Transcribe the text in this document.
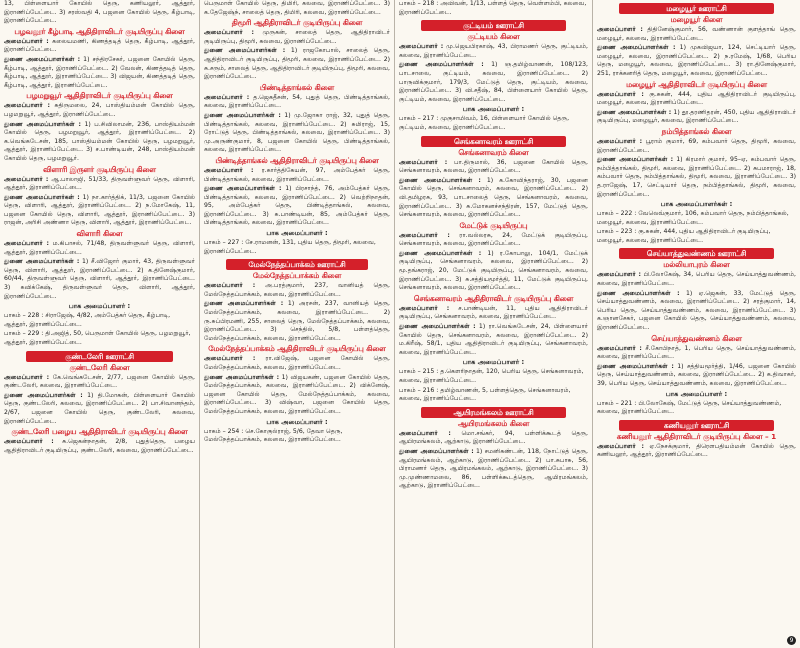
13, பிள்ளையார் கோயில் தெரு, கணியலூர், ஆத்தூர், இராணிப்பேட்டை. 3) சரஸ்வதி 4, பஜனை கோயில் தெரு, கீழ்பாடி, இராணிப்பேட்டை.
பழவலூர் கீழ்பாடி ஆதிதிராவிடர் குடியிருப்பு கிளை
அமைப்பாளர் : கலையமணி, கிணத்தடித் தெரு, கீழ்பாடி, ஆத்தூர், இராணிப்பேட்டை.
துணை அமைப்பாளர்கள் : 1) சந்திரசேகர், பஜனை கோயில் தெரு, கீழ்பாடி, ஆத்தூர், இராணிப்பேட்டை. 2) வேலன், கிணத்தடித் தெரு, கீழ்பாடி, ஆத்தூர், இராணிப்பேட்டை. 3) விஜயன், கிணத்தடித் தெரு, கீழ்பாடி, ஆத்தூர், இராணிப்பேட்டை.
பழமறுவூர் ஆதிதிராவிடர் குடியிருப்பு கிளை
அமைப்பாளர் : சுதிருமலை, 24, பாஸ்தியம்மன் கோயில் தெரு, பழமறுவூர், ஆத்தூர், இராணிப்பேட்டை.
துணை அமைப்பாளர்கள் : 1) ப.சிவிலாமன், 236, பாஸ்தியம்மன் கோயில் தெரு, பழமறுவூர், ஆத்தூர், இராணிப்பேட்டை. 2) க.வெங்கடேசன், 185, பாஸ்தியம்மன் கோயில் தெரு, பழமறுவூர், ஆத்தூர், இராணிப்பேட்டை. 3) ச.பாண்டியன், 248, பாஸ்தியம்மன் கோயில் தெரு, பழமறுவூர்.
விளாரி இருளர் குடியிருப்பு கிளை
அமைப்பாளர் : ஆ.பாலாஜி, 51/33, திருவள்ளுவர் தெரு, விளாரி, ஆத்தூர், இராணிப்பேட்டை.
துணை அமைப்பாளர்கள் : 1) நா.கார்த்திக், 11/3, பஜனை கோயில் தெரு, விளாரி, ஆத்தூர், இராணிப்பேட்டை. 2) ந.மோகேஷ், 11, பஜனை கோயில் தெரு, விளாரி, ஆத்தூர், இராணிப்பேட்டை. 3) ராஜன், அரிசி அண்ணா தெரு, விளாரி, ஆத்தூர், இராணிப்பேட்டை.
விளாரி கிளை
அமைப்பாளர் : ம.கிபாசல், 71/48, திருவள்ளுவர் தெரு, விளாரி, ஆத்தூர், இராணிப்பேட்டை.
துணை அமைப்பாளர்கள் : 1) சீ.விஜோர் குமார், 43, திருவள்ளுவர் தெரு, விளாரி, ஆத்தூர், இராணிப்பேட்டை. 2) க.தினேஷ்குமார், 60/44, திருவள்ளுவர் தெரு, விளாரி, ஆத்தூர், இராணிப்பேட்டை. 3) கவிக்கேஷ், திருவள்ளுவர் தெரு, விளாரி, ஆத்தூர், இராணிப்பேட்டை.
பாக அமைப்பாளர் :
பாகம் – 228 : சிராஜேஷ், 4/82, அம்பேத்கர் தெரு, கீழ்பாடி, ஆத்தூர், இராணிப்பேட்டை.
பாகம் – 229 : தி.அஜித், 50, பெருமாள் கோயில் தெரு, பழமறுவூர், ஆத்தூர், இராணிப்பேட்டை.
குண்டலேரி ஊராட்சி
குண்டலேரி கிளை
அமைப்பாளர் : கே.வெங்கடேசன், 2/77, பஜனை கோயில் தெரு, குண்டலேரி, கலவை, இராணிப்பேட்டை.
துணை அமைப்பாளர்கள் : 1) தி.மோகன், பிள்ளையார் கோயில் தெரு, குண்டலேரி, கலவை, இராணிப்பேட்டை. 2) பா.சிவானந்தம், 2/67, பஜனை கோயில் தெரு, குண்டலேரி, கலவை, இராணிப்பேட்டை.
குண்டலேரி பழைய ஆதிதிராவிடர் குடியிருப்பு கிளை
அமைப்பாளர் : சு.ஜெகன்நாதன், 2/8, புதுத்தெரு, பழைய ஆதிதிராவிடர் குடியிருப்பு, குண்டலேரி, கலவை, இராணிப்பேட்டை.
பெருமாள் கோயில் தெரு, திமிரி, கலவை, இராணிப்பேட்டை. 3) க.தேஜேஷ்ந், சாலைத் தெரு, திமிரி, கலவை, இராணிப்பேட்டை.
திமூரி ஆதிதிராவிடர் குடியிருப்பு கிளை
அமைப்பாளர் : முருகன், சாலைத் தெரு, ஆதிதிராவிடர் குடியிருப்பு, திமூரி, கலவை, இராணிப்பேட்டை.
துணை அமைப்பாளர்கள் : 1) ராஜகோபால், சாலைத் தெரு, ஆதிதிராவிடர் குடியிருப்பு, திமூரி, கலவை, இராணிப்பேட்டை. 2) சு.சரும், சாலைத் தெரு, ஆதிதிராவிடர் குடியிருப்பு, திமூரி, கலவை, இராணிப்பேட்டை.
பிண்டித்தாங்கல் கிளை
அமைப்பாளர் : த.ஜெகதீசன், 54, புதுத் தெரு, பிண்டித்தாங்கல், கலவை, இராணிப்பேட்டை.
துணை அமைப்பாளர்கள் : 1) மு.ஜோகா ராஜ், 32, புதுத் தெரு, பிண்டித்தாங்கல், கலவை, இராணிப்பேட்டை. 2) சுமிராஜ், 15, ரோட்டுத் தெரு, பிண்டித்தாங்கல், கலவை, இராணிப்பேட்டை. 3) மு.அருண்குமார், 8, பஜனை கோயில் தெரு, பிண்டித்தாங்கல், கலவை, இராணிப்பேட்டை.
பிண்டித்தாங்கல் ஆதிதிராவிடர் குடியிருப்பு கிளை
அமைப்பாளர் : ர.கார்த்திகேயன், 97, அம்பேத்கர் தெரு, பிண்டித்தாங்கல், கலவை, இராணிப்பேட்டை.
துணை அமைப்பாளர்கள் : 1) பிரசாந்த், 76, அம்பேத்கர் தெரு, பிண்டித்தாங்கல், கலவை, இராணிப்பேட்டை. 2) வெற்றிநாதன், 95, அம்பேத்கர் தெரு, பிண்டித்தாங்கல், கலவை, இராணிப்பேட்டை. 3) க.பாண்டியன், 85, அம்பேத்கர் தெரு, பிண்டித்தாங்கல், கலவை, இராணிப்பேட்டை.
பாக அமைப்பாளர் :
பாகம் – 227 : சே.ராமனன், 131, புதிய தெரு, திமூரி, கலவை, இராணிப்பேட்டை.
மேல்நேத்தப்பாக்கம் ஊராட்சி
மேல்நேத்தப்பாக்கம் கிளை
அமைப்பாளர் : அ.பரத்குமார், 237, வானியத் தெரு, மேல்நேத்தப்பாக்கம், கலவை, இராணிப்பேட்டை.
துணை அமைப்பாளர்கள் : 1) அரசன், 237, வானியத் தெரு, மேல்நேத்தப்பாக்கம், கலவை, இராணிப்பேட்டை. 2) ரு.சுப்பிரமணி, 255, சாலைத் தெரு, மேல்நேத்தப்பாக்கம், கலவை, இராணிப்பேட்டை. 3) செந்தில், 5/8, பள்ளத்தெரு, மேல்நேத்தப்பாக்கம், கலவை, இராணிப்பேட்டை.
மேல்நேத்தப்பாக்கம் ஆதிதிராவிடர் குடியிருப்பு கிளை
அமைப்பாளர் : ரா.விஜேஷ், பஜனை கோயில் தெரு, மேல்நேத்தப்பாக்கம், கலவை, இராணிப்பேட்டை.
துணை அமைப்பாளர்கள் : 1) விஜயகண், பஜனை கோயில் தெரு, மேல்நேத்தப்பாக்கம், கலவை, இராணிப்பேட்டை. 2) விக்னேஷ், பஜனை கோயில் தெரு, மேல்நேத்தப்பாக்கம், கலவை, இராணிப்பேட்டை. 3) விஷ்வா, பஜனை கோயில் தெரு, மேல்நேத்தப்பாக்கம், கலவை, இராணிப்பேட்டை.
பாக அமைப்பாளர் :
பாகம் – 254 : செ.கோகுல்ராஜ், 5/6, தேவா தெரு, மேல்நேத்தப்பாக்கம், கலவை, இராணிப்பேட்டை.
பாகம் – 218 : அவிவன், 1/13, பள்ளத் தெரு, வெள்ளம்பி, கலவை, இராணிப்பேட்டை.
குட்டியம் ஊராட்சி
குட்டியம் கிளை
அமைப்பாளர் : மு.ஜெயபிரகாஷ், 43, பிராமணர் தெரு, குட்டியம், கலவை, இராணிப்பேட்டை.
துணை அமைப்பாளர்கள் : 1) ஞ.தமிழ்வாணன், 108/123, பாடசாலை, குட்டியம், கலவை, இராணிப்பேட்டை. 2) பாருவிக்குமார், 179/3, மேட்டுத் தெரு, குட்டியம், கலவை, இராணிப்பேட்டை. 3) வி.சதீஷ், 84, பிள்ளையார் கோயில் தெரு, குட்டியம், கலவை, இராணிப்பேட்டை.
பாக அமைப்பாளர் :
பாகம் – 217 : முகுசாமிவம், 16, பிள்ளையார் கோயில் தெரு, குட்டியம், கலவை, இராணிப்பேட்டை.
செங்கனாவரம் ஊராட்சி
செங்கனாவரம் கிளை
அமைப்பாளர் : பா.திருமால், 36, பஜனை கோயில் தெரு, செங்கனாவரம், கலவை, இராணிப்பேட்டை.
துணை அமைப்பாளர்கள் : 1) க.கோவிந்தராஜ், 30, பஜனை கோயில் தெரு, செங்கனாவரம், கலவை, இராணிப்பேட்டை. 2) வி.தமிழரசு, 93, பாடசாலைத் தெரு, செங்கனாவரம், கலவை, இராணிப்பேட்டை. 3) சு.மோகனச்சந்திரன், 157, மேட்டுத் தெரு, செங்கனாவரம், கலவை, இராணிப்பேட்டை.
மேட்டுக் குடியிருப்பு
அமைப்பாளர் : ரா.வல்லரசு, 24, மேட்டுக் குடியிருப்பு, செங்கனாவரம், கலவை, இராணிப்பேட்டை.
துணை அமைப்பாளர்கள் : 1) ர.கோபாலு, 104/1, மேட்டுக் குடியிருப்பு, செங்கனாவரம், கலவை, இராணிப்பேட்டை. 2) மூ.தங்கராஜ், 20, மேட்டுக் குடியிருப்பு, செங்கனாவரம், கலவை, இராணிப்பேட்டை. 3) சு.சத்தியமூர்த்தி, 11, மேட்டுக் குடியிருப்பு, செங்கனாவரம், கலவை, இராணிப்பேட்டை.
செங்கனாவரம் ஆதிதிராவிடர் குடியிருப்பு கிளை
அமைப்பாளர் : ச.பாண்டியன், 11, புதிய ஆதிதிராவிடர் குடியிருப்பு, செங்கனாவரம், கலவை, இராணிப்பேட்டை.
துணை அமைப்பாளர்கள் : 1) ரா.வெங்கடேசன், 24, பிள்ளையார் கோயில் தெரு, செங்கனாவரம், கலவை, இராணிப்பேட்டை. 2) ம.கிரீஷ், 58/1, புதிய ஆதிதிராவிடர் குடியிருப்பு, செங்கனாவரம், கலவை, இராணிப்பேட்டை.
பாக அமைப்பாளர் :
பாகம் – 215 : த.கௌரிநாதன், 120, பெரிய தெரு, செங்கனாவரம், கலவை, இராணிப்பேட்டை.
பாகம் – 216 : தமிழ்வாணன், 5, பள்ளத்தெரு, செங்கனாவரம், கலவை, இராணிப்பேட்டை.
ஆயிரமங்கலம் ஊராட்சி
ஆயிரமங்கலம் கிளை
அமைப்பாளர் : மொ.சங்கர், 94, பள்ளிக்கூடத் தெரு, ஆயிரமங்கலம், ஆற்காடு, இராணிப்பேட்டை.
துணை அமைப்பாளர்கள் : 1) சமனிகண்டன், 118, நோட்டுத் தெரு, ஆயிரமங்கலம், ஆற்காடு, இராணிப்பேட்டை. 2) பா.சுபாசு, 56, பிராமணர் தெரு, ஆயிரமங்கலம், ஆற்காடு, இராணிப்பேட்டை. 3) மு.முண்ணாமலை, 86, பள்ளிக்கூடத்தெரு, ஆயிரமங்கலம், ஆற்காடு, இராணிப்பேட்டை.
மழையூர் ஊராட்சி
மழையூர் கிளை
அமைப்பாளர் : திதினேஷ்குமார், 56, வண்ணான் குளத்தாங் தெரு, மழையூர், கலவை, இராணிப்பேட்டை.
துணை அமைப்பாளர்கள் : 1) முகவிஜயா, 124, செட்டியார் தெரு, மழையூர், கலவை, இராணிப்பேட்டை. 2) ந.ரமேஷ், 1/68, பெரிய தெரு, மழையூர், கலவை, இராணிப்பேட்டை. 3) ரா.தினேஷ்குமார், 251, ராக்கனரித் தெரு, மழையூர், கலவை, இராணிப்பேட்டை.
மழையூர் ஆதிதிராவிடர் குடியிருப்பு கிளை
அமைப்பாளர் : கு.சுகன், 444, புதிய ஆதிதிராவிடர் குடியிருப்பு, மழையூர், கலவை, இராணிப்பேட்டை.
துணை அமைப்பாளர்கள் : 1) தூ.தரணிதரன், 450, புதிய ஆதிதிராவிடர் குடியிருப்பு, மழையூர், கலவை, இராணிப்பேட்டை.
நம்பித்தாங்கல் கிளை
அமைப்பாளர் : பூராம் குமார், 69, கம்பவார் தெரு, திமூரி, கலவை, இராணிப்பேட்டை.
துணை அமைப்பாளர்கள் : 1) கிரமார் குமார், 95–ஏ, கம்பவார் தெரு, நம்பித்தாங்கல், திமூரி, கலவை, இராணிப்பேட்டை. 2) சுபமாராஜ், 18, கம்பவார் தெரு, நம்பித்தாங்கல், திமூரி, கலவை, இராணிப்பேட்டை. 3) த.ராஜேஷ், 17, செட்டியார் தெரு, நம்பித்தாங்கல், திமூரி, கலவை, இராணிப்பேட்டை.
பாக அமைப்பாளர்கள் :
பாகம் – 222 : வேலெவ்குமார், 106, கம்பவார் தெரு, நம்பித்தாங்கல், மழையூர், கலவை, இராணிப்பேட்டை.
பாகம் – 223 : கு.சுகன், 444, புதிய ஆதிதிராவிடர் குடியிருப்பு, மழையூர், கலவை, இராணிப்பேட்டை.
செய்யாத்துவண்ணம் ஊராட்சி
மல்லியாபுரம் கிளை
அமைப்பாளர் : பி.லோகேஷ், 34, பெரிய தெரு, செய்யாத்துவண்ணம், கலவை, இராணிப்பேட்டை.
துணை அமைப்பாளர்கள் : 1) ஏ.ஜெகன், 33, மேட்டுத் தெரு, செய்யாத்துவண்ணம், கலவை, இராணிப்பேட்டை. 2) சரத்குமார், 14, பெரிய தெரு, செய்யாத்துவண்ணம், கலவை, இராணிப்பேட்டை. 3) க.ஞானசேகர், பஜனை கோயில் தெரு, செய்யாத்துவண்ணம், கலவை, இராணிப்பேட்டை.
செய்யாத்துவண்ணம் கிளை
அமைப்பாளர் : சீ.கோபிநாத், 1, பெரிய தெரு, செய்யாத்துவண்ணம், கலவை, இராணிப்பேட்டை.
துணை அமைப்பாளர்கள் : 1) சத்தியமூர்த்தி, 1/46, பஜனை கோயில் தெரு, செய்யாத்துவண்ணம், கலவை, இராணிப்பேட்டை. 2) க.திவாகர், 39, பெரிய தெரு, செய்யாத்துவண்ணம், கலவை, இராணிப்பேட்டை.
பாக அமைப்பாளர் :
பாகம் – 221 : பி.லோகேஷ், மேட்டுத் தெரு, செய்யாத்துவண்ணம், கலவை, இராணிப்பேட்டை.
கணியலூர் ஊராட்சி
கணியலூர் ஆதிதிராவிடர் குடியிருப்பு கிளை – 1
அமைப்பாளர் : ஏ.நேசக்குமார், திரெளபதியம்மன் கோயில் தெரு, கணியலூர், ஆத்தூர், இராணிப்பேட்டை.
9
